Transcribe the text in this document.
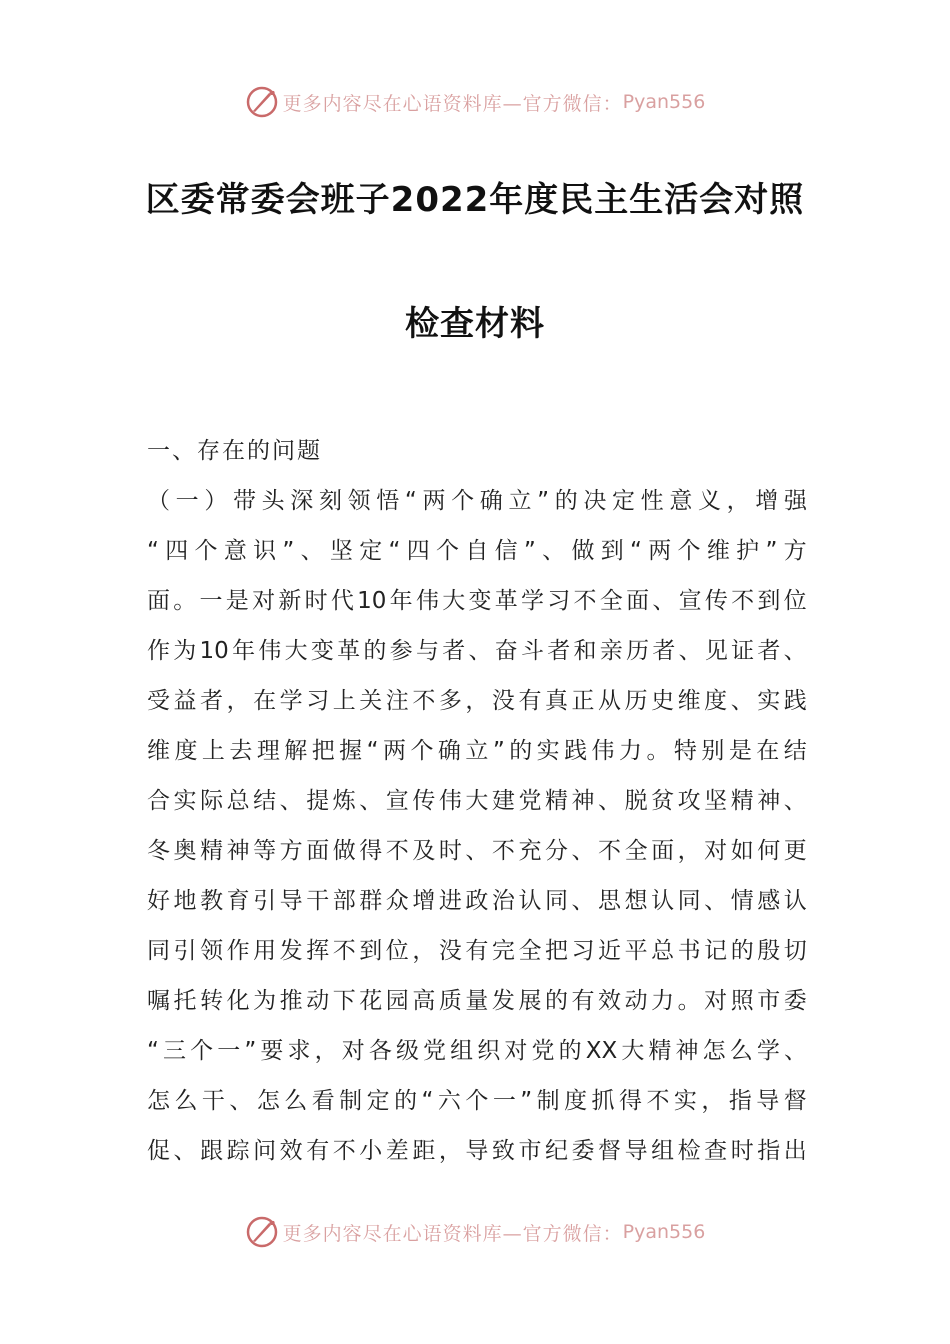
更多内容尽在心语资料库—官方微信： Pyan556
区委常委会班子2022年度民主生活会对照
检查材料
一、存在的问题
（ 一 ） 带 头 深 刻 领 悟 “ 两 个 确 立 ” 的 决 定 性 意 义 ， 增 强
“ 四 个 意 识 ” 、 坚 定 “ 四 个 自 信 ” 、 做 到 “ 两 个 维 护 ” 方
面 。 一 是 对 新 时 代 10 年 伟 大 变 革 学 习 不 全 面 、 宣 传 不 到 位
作 为 10 年 伟 大 变 革 的 参 与 者 、 奋 斗 者 和 亲 历 者 、 见 证 者 、
受 益 者 ， 在 学 习 上 关 注 不 多 ， 没 有 真 正 从 历 史 维 度 、 实 践
维 度 上 去 理 解 把 握 “ 两 个 确 立 ” 的 实 践 伟 力 。 特 别 是 在 结
合 实 际 总 结 、 提 炼 、 宣 传 伟 大 建 党 精 神 、 脱 贫 攻 坚 精 神 、
冬 奥 精 神 等 方 面 做 得 不 及 时 、 不 充 分 、 不 全 面 ， 对 如 何 更
好 地 教 育 引 导 干 部 群 众 增 进 政 治 认 同 、 思 想 认 同 、 情 感 认
同 引 领 作 用 发 挥 不 到 位 ， 没 有 完 全 把 习 近 平 总 书 记 的 殷 切
嘱 托 转 化 为 推 动 下 花 园 高 质 量 发 展 的 有 效 动 力 。 对 照 市 委
“ 三 个 一 ” 要 求 ， 对 各 级 党 组 织 对 党 的 XX 大 精 神 怎 么 学 、
怎 么 干 、 怎 么 看 制 定 的 “ 六 个 一 ” 制 度 抓 得 不 实 ， 指 导 督
促 、 跟 踪 问 效 有 不 小 差 距 ， 导 致 市 纪 委 督 导 组 检 查 时 指 出
更多内容尽在心语资料库—官方微信： Pyan556
